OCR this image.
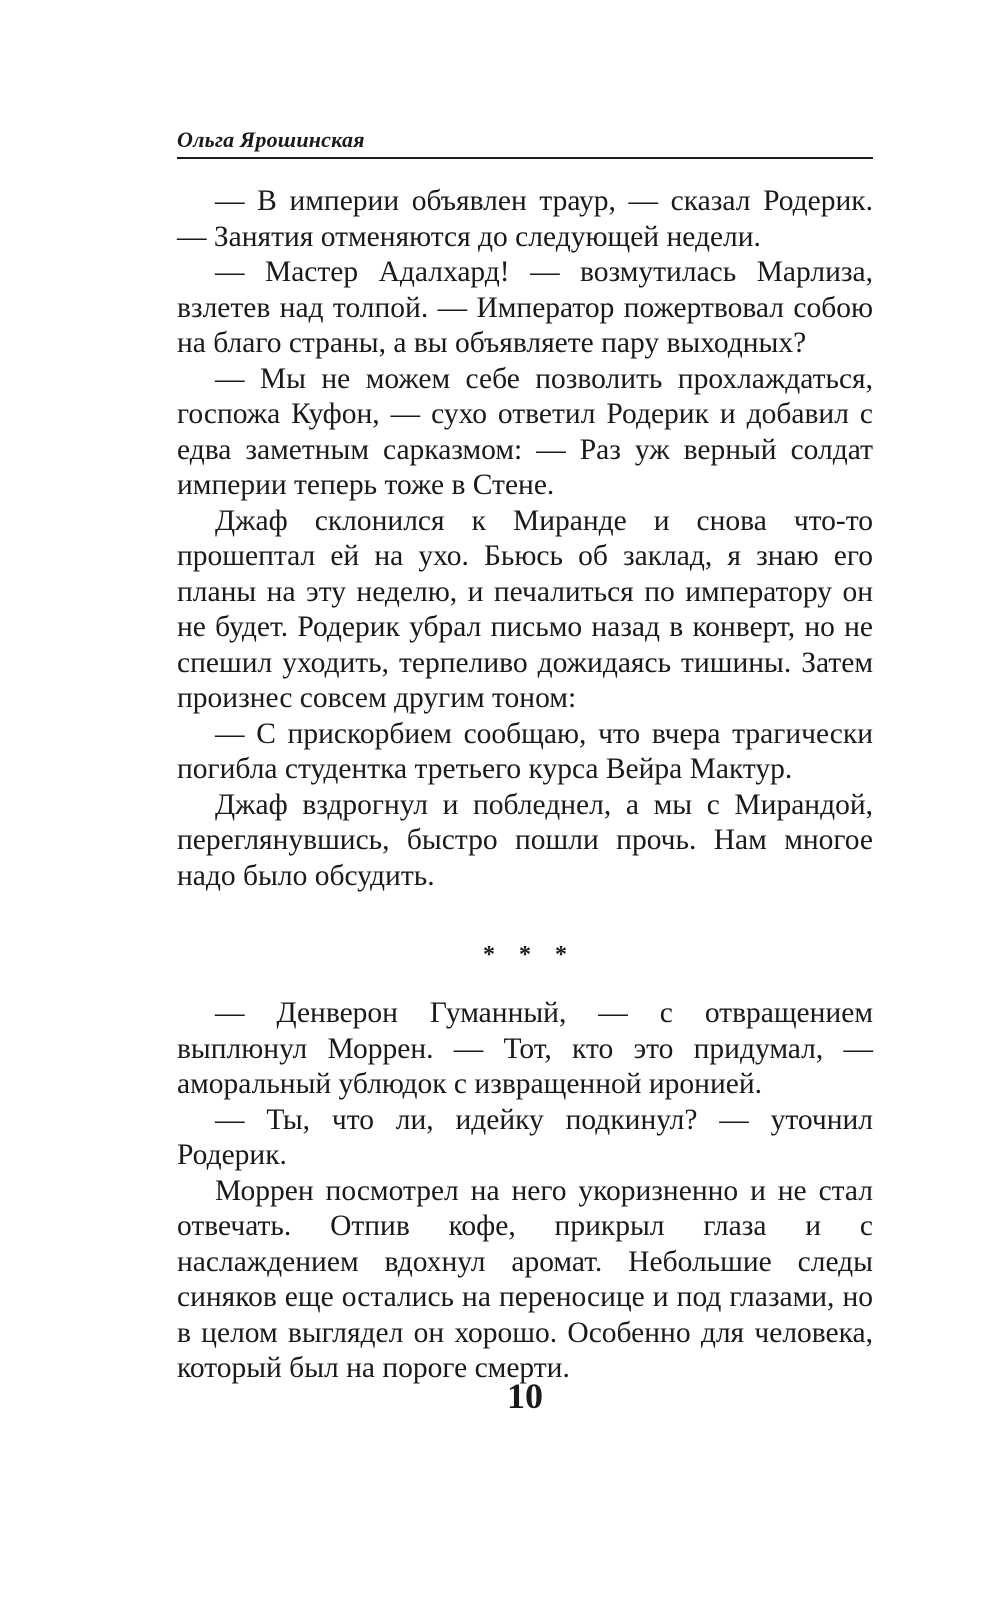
Ольга Ярошинская

— В империи объявлен траур, — сказал Родерик. — Занятия отменяются до следующей недели.

— Мастер Адалхард! — возмутилась Марлиза, взлетев над толпой. — Император пожертвовал собою на благо страны, а вы объявляете пару выходных?

— Мы не можем себе позволить прохлаждаться, госпожа Куфон, — сухо ответил Родерик и добавил с едва заметным сарказмом: — Раз уж верный солдат империи теперь тоже в Стене.

Джаф склонился к Миранде и снова что-то прошептал ей на ухо. Бьюсь об заклад, я знаю его планы на эту неделю, и печалиться по императору он не будет. Родерик убрал письмо назад в конверт, но не спешил уходить, терпеливо дожидаясь тишины. Затем произнес совсем другим тоном:

— С прискорбием сообщаю, что вчера трагически погибла студентка третьего курса Вейра Мактур.

Джаф вздрогнул и побледнел, а мы с Мирандой, переглянувшись, быстро пошли прочь. Нам многое надо было обсудить.

* * *

— Денверон Гуманный, — с отвращением выплюнул Моррен. — Тот, кто это придумал, — аморальный ублюдок с извращенной иронией.

— Ты, что ли, идейку подкинул? — уточнил Родерик.

Моррен посмотрел на него укоризненно и не стал отвечать. Отпив кофе, прикрыл глаза и с наслаждением вдохнул аромат. Небольшие следы синяков еще остались на переносице и под глазами, но в целом выглядел он хорошо. Особенно для человека, который был на пороге смерти.

10
